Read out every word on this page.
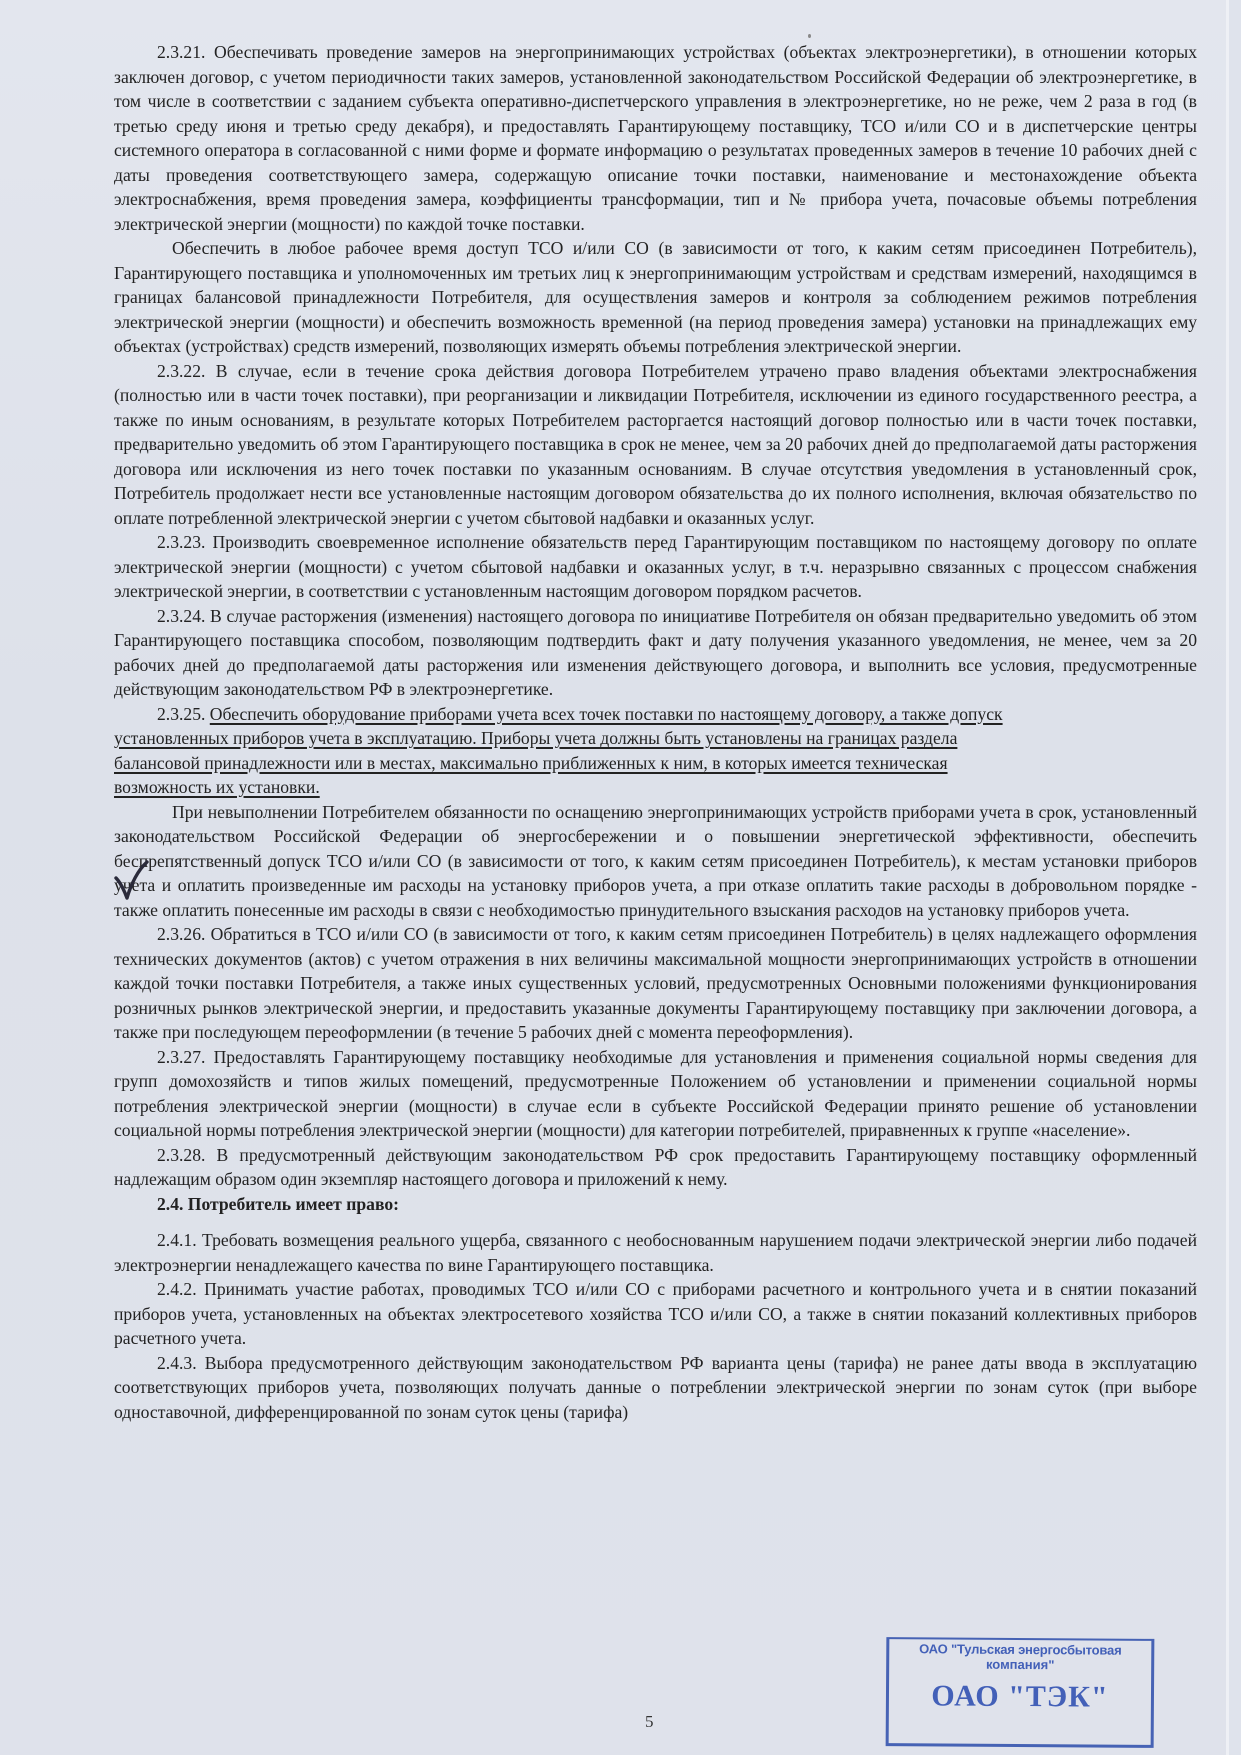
2.3.21. Обеспечивать проведение замеров на энергопринимающих устройствах (объектах электроэнергетики), в отношении которых заключен договор, с учетом периодичности таких замеров, установленной законодательством Российской Федерации об электроэнергетике, в том числе в соответствии с заданием субъекта оперативно-диспетчерского управления в электроэнергетике, но не реже, чем 2 раза в год (в третью среду июня и третью среду декабря), и предоставлять Гарантирующему поставщику, ТСО и/или СО и в диспетчерские центры системного оператора в согласованной с ними форме и формате информацию о результатах проведенных замеров в течение 10 рабочих дней с даты проведения соответствующего замера, содержащую описание точки поставки, наименование и местонахождение объекта электроснабжения, время проведения замера, коэффициенты трансформации, тип и № прибора учета, почасовые объемы потребления электрической энергии (мощности) по каждой точке поставки.

Обеспечить в любое рабочее время доступ ТСО и/или СО (в зависимости от того, к каким сетям присоединен Потребитель), Гарантирующего поставщика и уполномоченных им третьих лиц к энергопринимающим устройствам и средствам измерений, находящимся в границах балансовой принадлежности Потребителя, для осуществления замеров и контроля за соблюдением режимов потребления электрической энергии (мощности) и обеспечить возможность временной (на период проведения замера) установки на принадлежащих ему объектах (устройствах) средств измерений, позволяющих измерять объемы потребления электрической энергии.

2.3.22. В случае, если в течение срока действия договора Потребителем утрачено право владения объектами электроснабжения (полностью или в части точек поставки), при реорганизации и ликвидации Потребителя, исключении из единого государственного реестра, а также по иным основаниям, в результате которых Потребителем расторгается настоящий договор полностью или в части точек поставки, предварительно уведомить об этом Гарантирующего поставщика в срок не менее, чем за 20 рабочих дней до предполагаемой даты расторжения договора или исключения из него точек поставки по указанным основаниям. В случае отсутствия уведомления в установленный срок, Потребитель продолжает нести все установленные настоящим договором обязательства до их полного исполнения, включая обязательство по оплате потребленной электрической энергии с учетом сбытовой надбавки и оказанных услуг.

2.3.23. Производить своевременное исполнение обязательств перед Гарантирующим поставщиком по настоящему договору по оплате электрической энергии (мощности) с учетом сбытовой надбавки и оказанных услуг, в т.ч. неразрывно связанных с процессом снабжения электрической энергии, в соответствии с установленным настоящим договором порядком расчетов.

2.3.24. В случае расторжения (изменения) настоящего договора по инициативе Потребителя он обязан предварительно уведомить об этом Гарантирующего поставщика способом, позволяющим подтвердить факт и дату получения указанного уведомления, не менее, чем за 20 рабочих дней до предполагаемой даты расторжения или изменения действующего договора, и выполнить все условия, предусмотренные действующим законодательством РФ в электроэнергетике.

2.3.25. Обеспечить оборудование приборами учета всех точек поставки по настоящему договору, а также допуск
установленных приборов учета в эксплуатацию. Приборы учета должны быть установлены на границах раздела
балансовой принадлежности или в местах, максимально приближенных к ним, в которых имеется техническая
возможность их установки.

При невыполнении Потребителем обязанности по оснащению энергопринимающих устройств приборами учета в срок, установленный законодательством Российской Федерации об энергосбережении и о повышении энергетической эффективности, обеспечить беспрепятственный допуск ТСО и/или СО (в зависимости от того, к каким сетям присоединен Потребитель), к местам установки приборов учета и оплатить произведенные им расходы на установку приборов учета, а при отказе оплатить такие расходы в добровольном порядке - также оплатить понесенные им расходы в связи с необходимостью принудительного взыскания расходов на установку приборов учета.

2.3.26. Обратиться в ТСО и/или СО (в зависимости от того, к каким сетям присоединен Потребитель) в целях надлежащего оформления технических документов (актов) с учетом отражения в них величины максимальной мощности энергопринимающих устройств в отношении каждой точки поставки Потребителя, а также иных существенных условий, предусмотренных Основными положениями функционирования розничных рынков электрической энергии, и предоставить указанные документы Гарантирующему поставщику при заключении договора, а также при последующем переоформлении (в течение 5 рабочих дней с момента переоформления).

2.3.27. Предоставлять Гарантирующему поставщику необходимые для установления и применения социальной нормы сведения для групп домохозяйств и типов жилых помещений, предусмотренные Положением об установлении и применении социальной нормы потребления электрической энергии (мощности) в случае если в субъекте Российской Федерации принято решение об установлении социальной нормы потребления электрической энергии (мощности) для категории потребителей, приравненных к группе «население».

2.3.28. В предусмотренный действующим законодательством РФ срок предоставить Гарантирующему поставщику оформленный надлежащим образом один экземпляр настоящего договора и приложений к нему.

2.4. Потребитель имеет право:

2.4.1. Требовать возмещения реального ущерба, связанного с необоснованным нарушением подачи электрической энергии либо подачей электроэнергии ненадлежащего качества по вине Гарантирующего поставщика.

2.4.2. Принимать участие работах, проводимых ТСО и/или СО с приборами расчетного и контрольного учета и в снятии показаний приборов учета, установленных на объектах электросетевого хозяйства ТСО и/или СО, а также в снятии показаний коллективных приборов расчетного учета.

2.4.3. Выбора предусмотренного действующим законодательством РФ варианта цены (тарифа) не ранее даты ввода в эксплуатацию соответствующих приборов учета, позволяющих получать данные о потреблении электрической энергии по зонам суток (при выборе одноставочной, дифференцированной по зонам суток цены (тарифа)

5
ОАО "Тульская энергосбытовая
компания"
ОАО "ТЭК"
